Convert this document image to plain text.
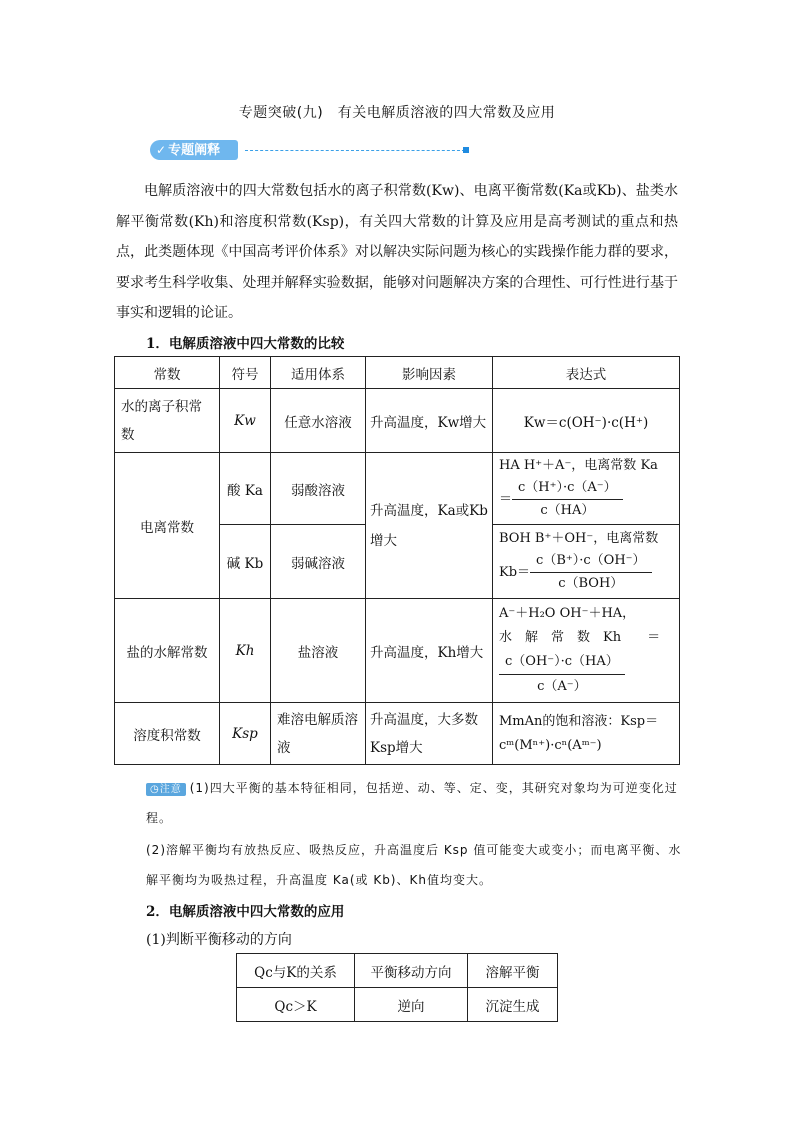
专题突破(九)　有关电解质溶液的四大常数及应用
✓ 专题阐释
电解质溶液中的四大常数包括水的离子积常数(Kw)、电离平衡常数(Ka或Kb)、盐类水解平衡常数(Kh)和溶度积常数(Ksp)，有关四大常数的计算及应用是高考测试的重点和热点，此类题体现《中国高考评价体系》对以解决实际问题为核心的实践操作能力群的要求，要求考生科学收集、处理并解释实验数据，能够对问题解决方案的合理性、可行性进行基于事实和逻辑的论证。
1．电解质溶液中四大常数的比较
常数	符号	适用体系	影响因素	表达式
水的离子积常数	Kw	任意水溶液	升高温度，Kw增大	Kw＝c(OH⁻)·c(H⁺)
电离常数	酸 Ka	弱酸溶液	升高温度，Ka或Kb增大	HA H⁺＋A⁻，电离常数 Ka
＝ $\frac{c(H^+)\cdot c(A^-)}{c(HA)}$

	碱 Kb	弱碱溶液		BOH B⁺＋OH⁻，电离常数
$Kb= \frac{c(B^+)\cdot c(OH^-)}{\text{c（BOH）}}$

盐的水解常数	Kh	盐溶液	升高温度，Kh增大	A⁻＋H₂O OH⁻＋HA，
水　解　常　数　Kh　　＝
$\frac{c(OH^-)\cdot c(HA)}{c(A^-)}$

溶度积常数	Ksp	难溶电解质溶液	升高温度，大多数Ksp增大	MmAn的饱和溶液：Ksp＝cᵐ(Mⁿ⁺)·cⁿ(Aᵐ⁻)
◷注意 (1)四大平衡的基本特征相同，包括逆、动、等、定、变，其研究对象均为可逆变化过程。
(2)溶解平衡均有放热反应、吸热反应，升高温度后 Ksp 值可能变大或变小；而电离平衡、水解平衡均为吸热过程，升高温度 Ka(或 Kb)、Kh值均变大。
2．电解质溶液中四大常数的应用
(1)判断平衡移动的方向
Qc与K的关系	平衡移动方向	溶解平衡
Qc＞K	逆向	沉淀生成
